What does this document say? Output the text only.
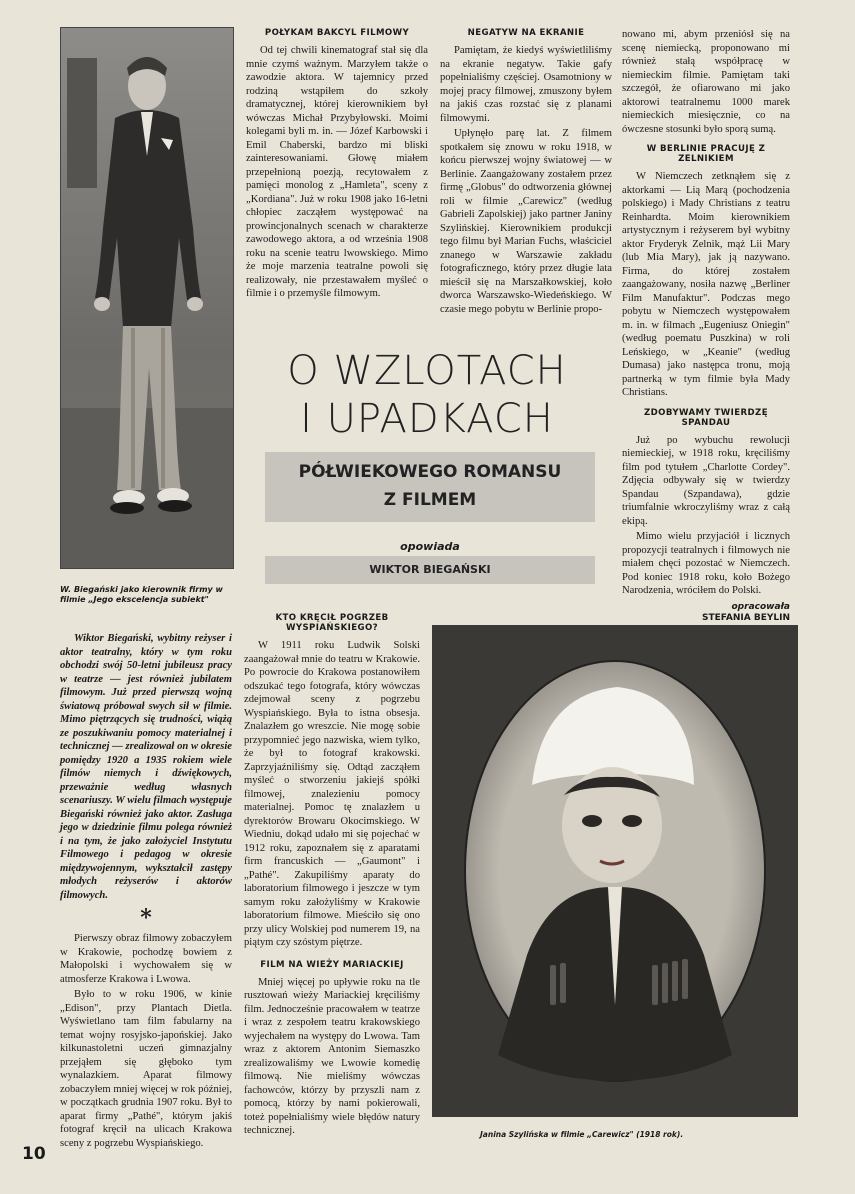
W. Biegański jako kierownik firmy w filmie „Jego ekscelencja subiekt"
POŁYKAM BAKCYL FILMOWY

Od tej chwili kinematograf stał się dla mnie czymś ważnym. Marzyłem także o zawodzie aktora. W tajemnicy przed rodziną wstąpiłem do szkoły dramatycznej, której kierownikiem był wówczas Michał Przybyłowski. Moimi kolegami byli m. in. — Józef Karbowski i Emil Chaberski, bardzo mi bliski zainteresowaniami. Głowę miałem przepełnioną poezją, recytowałem z pamięci monolog z „Hamleta", sceny z „Kordiana". Już w roku 1908 jako 16-letni chłopiec zacząłem występować na prowincjonalnych scenach w charakterze zawodowego aktora, a od września 1908 roku na scenie teatru lwowskiego. Mimo że moje marzenia teatralne powoli się realizowały, nie przestawałem myśleć o filmie i o przemyśle filmowym.

NEGATYW NA EKRANIE

Pamiętam, że kiedyś wyświetliliśmy na ekranie negatyw. Takie gafy popełnialiśmy częściej. Osamotniony w mojej pracy filmowej, zmuszony byłem na jakiś czas rozstać się z planami filmowymi.

Upłynęło parę lat. Z filmem spotkałem się znowu w roku 1918, w końcu pierwszej wojny światowej — w Berlinie. Zaangażowany zostałem przez firmę „Globus" do odtworzenia głównej roli w filmie „Carewicz" (według Gabrieli Zapolskiej) jako partner Janiny Szylińskiej. Kierownikiem produkcji tego filmu był Marian Fuchs, właściciel znanego w Warszawie zakładu fotograficznego, który przez długie lata mieścił się na Marszałkowskiej, koło dworca Warszawsko-Wiedeńskiego. W czasie mego pobytu w Berlinie propo-

nowano mi, abym przeniósł się na scenę niemiecką, proponowano mi również stałą współpracę w niemieckim filmie. Pamiętam taki szczegół, że ofiarowano mi jako aktorowi teatralnemu 1000 marek niemieckich miesięcznie, co na ówczesne stosunki było sporą sumą.

W BERLINIE PRACUJĘ Z ZELNIKIEM

W Niemczech zetknąłem się z aktorkami — Lią Marą (pochodzenia polskiego) i Mady Christians z teatru Reinhardta. Moim kierownikiem artystycznym i reżyserem był wybitny aktor Fryderyk Zelnik, mąż Lii Mary (lub Mia Mary), jak ją nazywano. Firma, do której zostałem zaangażowany, nosiła nazwę „Berliner Film Manufaktur". Podczas mego pobytu w Niemczech występowałem m. in. w filmach „Eugeniusz Oniegin" (według poematu Puszkina) w roli Leńskiego, w „Keanie" (według Dumasa) jako następca tronu, moją partnerką w tym filmie była Mady Christians.

ZDOBYWAMY TWIERDZĘ SPANDAU

Już po wybuchu rewolucji niemieckiej, w 1918 roku, kręciliśmy film pod tytułem „Charlotte Cordey". Zdjęcia odbywały się w twierdzy Spandau (Szpandawa), gdzie triumfalnie wkroczyliśmy wraz z całą ekipą.

Mimo wielu przyjaciół i licznych propozycji teatralnych i filmowych nie miałem chęci pozostać w Niemczech. Pod koniec 1918 roku, koło Bożego Narodzenia, wróciłem do Polski.

opracowała
STEFANIA BEYLIN
O WZLOTACH
I UPADKACH
PÓŁWIEKOWEGO ROMANSU
Z FILMEM
opowiada
WIKTOR BIEGAŃSKI

Wiktor Biegański, wybitny reżyser i aktor teatralny, który w tym roku obchodzi swój 50-letni jubileusz pracy w teatrze — jest również jubilatem filmowym. Już przed pierwszą wojną światową próbował swych sił w filmie. Mimo piętrzących się trudności, wiążą ze poszukiwaniu pomocy materialnej i technicznej — zrealizował on w okresie pomiędzy 1920 a 1935 rokiem wiele filmów niemych i dźwiękowych, przeważnie według własnych scenariuszy. W wielu filmach występuje Biegański również jako aktor. Zasługa jego w dziedzinie filmu polega również i na tym, że jako założyciel Instytutu Filmowego i pedagog w okresie międzywojennym, wykształcił zastępy młodych reżyserów i aktorów filmowych.

*

Pierwszy obraz filmowy zobaczyłem w Krakowie, pochodzę bowiem z Małopolski i wychowałem się w atmosferze Krakowa i Lwowa.

Było to w roku 1906, w kinie „Edison", przy Plantach Dietla. Wyświetlano tam film fabularny na temat wojny rosyjsko-japońskiej. Jako kilkunastoletni uczeń gimnazjalny przejąłem się głęboko tym wynalazkiem. Aparat filmowy zobaczyłem mniej więcej w rok później, w początkach grudnia 1907 roku. Był to aparat firmy „Pathé", którym jakiś fotograf kręcił na ulicach Krakowa sceny z pogrzebu Wyspiańskiego.

KTO KRĘCIŁ POGRZEB WYSPIAŃSKIEGO?

W 1911 roku Ludwik Solski zaangażował mnie do teatru w Krakowie. Po powrocie do Krakowa postanowiłem odszukać tego fotografa, który wówczas zdejmował sceny z pogrzebu Wyspiańskiego. Była to istna obsesja. Znalazłem go wreszcie. Nie mogę sobie przypomnieć jego nazwiska, wiem tylko, że był to fotograf krakowski. Zaprzyjaźniliśmy się. Odtąd zacząłem myśleć o stworzeniu jakiejś spółki filmowej, znalezieniu pomocy materialnej. Pomoc tę znalazłem u dyrektorów Browaru Okocimskiego. W Wiedniu, dokąd udało mi się pojechać w 1912 roku, zapoznałem się z aparatami firm francuskich — „Gaumont" i „Pathé". Zakupiliśmy aparaty do laboratorium filmowego i jeszcze w tym samym roku założyliśmy w Krakowie laboratorium filmowe. Mieściło się ono przy ulicy Wolskiej pod numerem 19, na piątym czy szóstym piętrze.

FILM NA WIEŻY MARIACKIEJ

Mniej więcej po upływie roku na tle rusztowań wieży Mariackiej kręciliśmy film. Jednocześnie pracowałem w teatrze i wraz z zespołem teatru krakowskiego wyjechałem na występy do Lwowa. Tam wraz z aktorem Antonim Siemaszko zrealizowaliśmy we Lwowie komedię filmową. Nie mieliśmy wówczas fachowców, którzy by przyszli nam z pomocą, którzy by nami pokierowali, toteż popełnialiśmy wiele błędów natury technicznej.	Janina Szylińska w filmie „Carewicz" (1918 rok).
10
